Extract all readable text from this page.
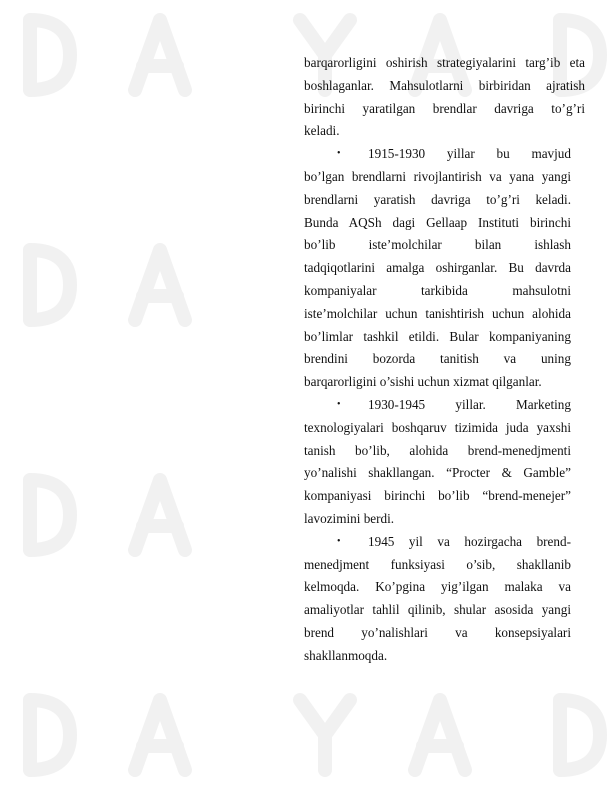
barqarorligini oshirish strategiyalarini targ’ib eta
boshlaganlar. Mahsulotlarni birbiridan ajratish
birinchi yaratilgan brendlar davriga to’g’ri
keladi.
• 1915-1930 yillar bu mavjud
bo’lgan brendlarni rivojlantirish va yana yangi
brendlarni yaratish davriga to’g’ri keladi.
Bunda AQSh dagi Gellaap Instituti birinchi
bo’lib iste’molchilar bilan ishlash
tadqiqotlarini amalga oshirganlar. Bu davrda
kompaniyalar tarkibida mahsulotni
iste’molchilar uchun tanishtirish uchun alohida
bo’limlar tashkil etildi. Bular kompaniyaning
brendini bozorda tanitish va uning
barqarorligini o’sishi uchun xizmat qilganlar.
• 1930-1945 yillar. Marketing
texnologiyalari boshqaruv tizimida juda yaxshi
tanish bo’lib, alohida brend-menedjmenti
yo’nalishi shakllangan. “Procter & Gamble”
kompaniyasi birinchi bo’lib “brend-menejer”
lavozimini berdi.
• 1945 yil va hozirgacha brend-
menedjment funksiyasi o’sib, shakllanib
kelmoqda. Ko’pgina yig’ilgan malaka va
amaliyotlar tahlil qilinib, shular asosida yangi
brend yo’nalishlari va konsepsiyalari
shakllanmoqda.
